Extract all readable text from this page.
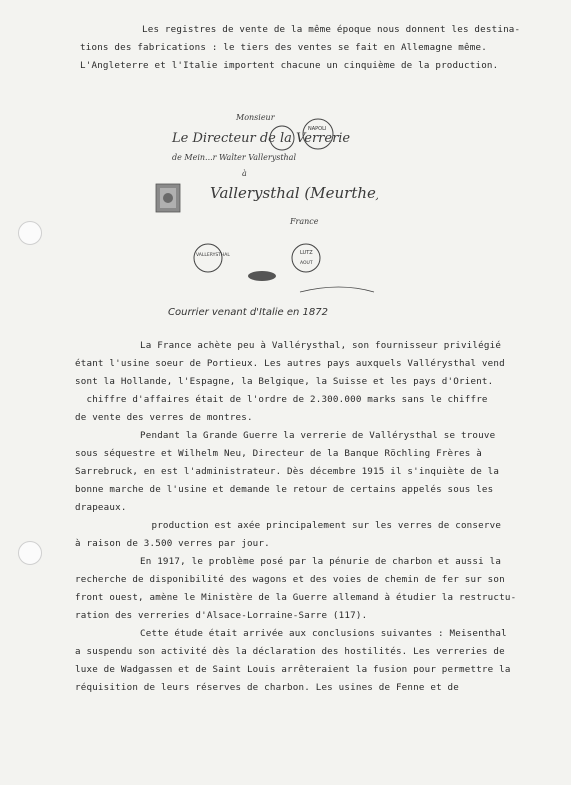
Les registres de vente de la même époque nous donnent les destina-
tions des fabrications : le tiers des ventes se fait en Allemagne même.
L'Angleterre et l'Italie importent chacune un cinquième de la production.
Monsieur
Le Directeur de la Verrerie
de Mein...r Walter Vallerysthal
à
Vallerysthal (Meurthe)
France
NAPOLI
VALLERYSTHAL	LUTZ
AOUT
Courrier venant d'Italie en 1872
La France achète peu à Vallérysthal, son fournisseur privilégié
étant l'usine soeur de Portieux. Les autres pays auxquels Vallérysthal vend
sont la Hollande, l'Espagne, la Belgique, la Suisse et les pays d'Orient.
chiffre d'affaires était de l'ordre de 2.300.000 marks sans le chiffre
de vente des verres de montres.
Pendant la Grande Guerre la verrerie de Vallérysthal se trouve
sous séquestre et Wilhelm Neu, Directeur de la Banque Röchling Frères à
Sarrebruck, en est l'administrateur. Dès décembre 1915 il s'inquiète de la
bonne marche de l'usine et demande le retour de certains appelés sous les
drapeaux.
production est axée principalement sur les verres de conserve
à raison de 3.500 verres par jour.
En 1917, le problème posé par la pénurie de charbon et aussi la
recherche de disponibilité des wagons et des voies de chemin de fer sur son
front ouest, amène le Ministère de la Guerre allemand à étudier la restructu-
ration des verreries d'Alsace-Lorraine-Sarre (117).
Cette étude était arrivée aux conclusions suivantes : Meisenthal
a suspendu son activité dès la déclaration des hostilités. Les verreries de
luxe de Wadgassen et de Saint Louis arrêteraient la fusion pour permettre la
réquisition de leurs réserves de charbon. Les usines de Fenne et de
